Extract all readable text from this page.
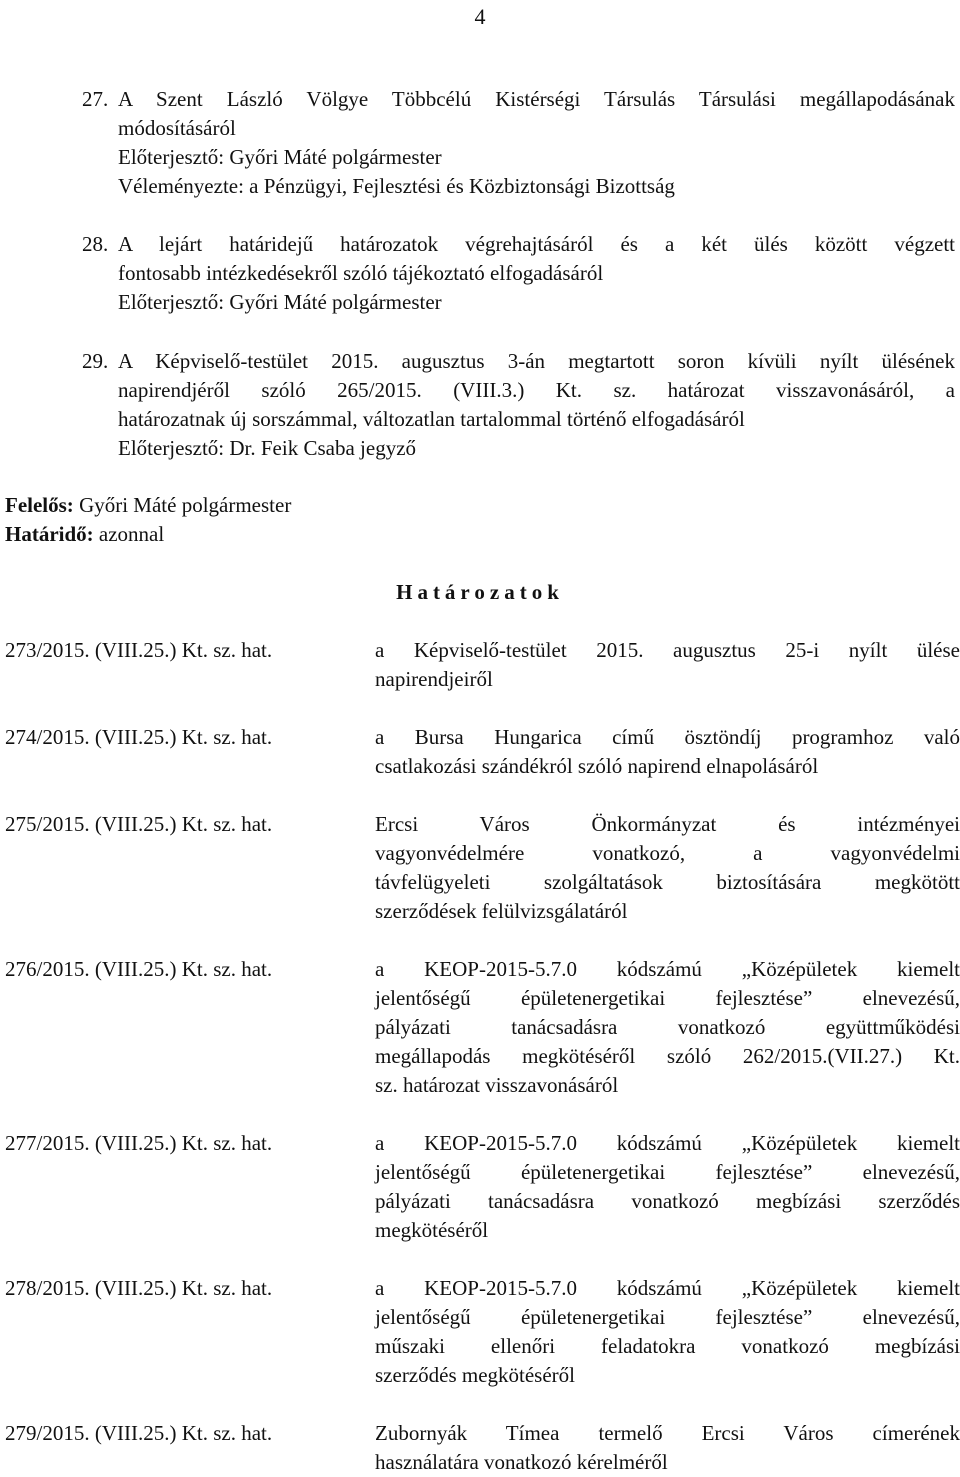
4
27. A Szent László Völgye Többcélú Kistérségi Társulás Társulási megállapodásának
módosításáról
Előterjesztő: Győri Máté polgármester
Véleményezte: a Pénzügyi, Fejlesztési és Közbiztonsági Bizottság
28. A lejárt határidejű határozatok végrehajtásáról és a két ülés között végzett
fontosabb intézkedésekről szóló tájékoztató elfogadásáról
Előterjesztő: Győri Máté polgármester
29. A Képviselő-testület 2015. augusztus 3-án megtartott soron kívüli nyílt ülésének
napirendjéről szóló 265/2015. (VIII.3.) Kt. sz. határozat visszavonásáról, a
határozatnak új sorszámmal, változatlan tartalommal történő elfogadásáról
Előterjesztő: Dr. Feik Csaba jegyző
Felelős: Győri Máté polgármester
Határidő: azonnal
Határozatok
273/2015. (VIII.25.) Kt. sz. hat.	a Képviselő-testület 2015. augusztus 25-i nyílt ülése
napirendjeiről
274/2015. (VIII.25.) Kt. sz. hat.	a Bursa Hungarica című ösztöndíj programhoz való
csatlakozási szándékról szóló napirend elnapolásáról
275/2015. (VIII.25.) Kt. sz. hat.	Ercsi Város Önkormányzat és intézményei
vagyonvédelmére vonatkozó, a vagyonvédelmi
távfelügyeleti szolgáltatások biztosítására megkötött
szerződések felülvizsgálatáról
276/2015. (VIII.25.) Kt. sz. hat.	a KEOP-2015-5.7.0 kódszámú „Középületek kiemelt
jelentőségű épületenergetikai fejlesztése” elnevezésű,
pályázati tanácsadásra vonatkozó együttműködési
megállapodás megkötéséről szóló 262/2015.(VII.27.) Kt.
sz. határozat visszavonásáról
277/2015. (VIII.25.) Kt. sz. hat.	a KEOP-2015-5.7.0 kódszámú „Középületek kiemelt
jelentőségű épületenergetikai fejlesztése” elnevezésű,
pályázati tanácsadásra vonatkozó megbízási szerződés
megkötéséről
278/2015. (VIII.25.) Kt. sz. hat.	a KEOP-2015-5.7.0 kódszámú „Középületek kiemelt
jelentőségű épületenergetikai fejlesztése” elnevezésű,
műszaki ellenőri feladatokra vonatkozó megbízási
szerződés megkötéséről
279/2015. (VIII.25.) Kt. sz. hat.	Zubornyák Tímea termelő Ercsi Város címerének
használatára vonatkozó kérelméről
